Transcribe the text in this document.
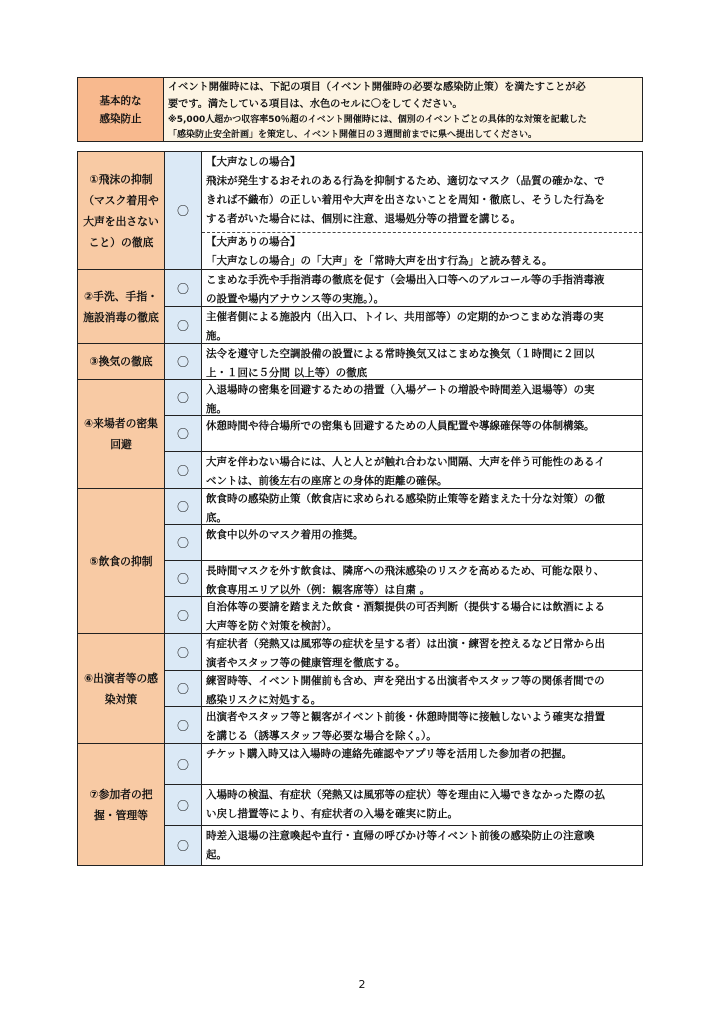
基本的な
感染防止
イベント開催時には、下記の項目（イベント開催時の必要な感染防止策）を満たすことが必
要です。満たしている項目は、水色のセルに〇をしてください。
※5,000人超かつ収容率50％超のイベント開催時には、個別のイベントごとの具体的な対策を記載した
「感染防止安全計画」を策定し、イベント開催日の３週間前までに県へ提出してください。
①飛沫の抑制
（マスク着用や
大声を出さない
こと）の徹底
〇
【大声なしの場合】
飛沫が発生するおそれのある行為を抑制するため、適切なマスク（品質の確かな、で
きれば不織布）の正しい着用や大声を出さないことを周知・徹底し、そうした行為を
する者がいた場合には、個別に注意、退場処分等の措置を講じる。
【大声ありの場合】
「大声なしの場合」の「大声」を「常時大声を出す行為」と読み替える。
②手洗、手指・
施設消毒の徹底
〇
こまめな手洗や手指消毒の徹底を促す（会場出入口等へのアルコール等の手指消毒液
の設置や場内アナウンス等の実施。）。
〇
主催者側による施設内（出入口、トイレ、共用部等）の定期的かつこまめな消毒の実
施。
③換気の徹底	〇
法令を遵守した空調設備の設置による常時換気又はこまめな換気（１時間に２回以
上・１回に５分間 以上等）の徹底
④来場者の密集
回避
〇
入退場時の密集を回避するための措置（入場ゲートの増設や時間差入退場等）の実
施。
〇
休憩時間や待合場所での密集も回避するための人員配置や導線確保等の体制構築。
〇
大声を伴わない場合には、人と人とが触れ合わない間隔、大声を伴う可能性のあるイ
ベントは、前後左右の座席との身体的距離の確保。
⑤飲食の抑制
〇
飲食時の感染防止策（飲食店に求められる感染防止策等を踏まえた十分な対策）の徹
底。
〇
飲食中以外のマスク着用の推奨。
〇
長時間マスクを外す飲食は、隣席への飛沫感染のリスクを高めるため、可能な限り、
飲食専用エリア以外（例：観客席等）は自粛 。
〇
自治体等の要請を踏まえた飲食・酒類提供の可否判断（提供する場合には飲酒による
大声等を防ぐ対策を検討）。
⑥出演者等の感
染対策
〇
有症状者（発熱又は風邪等の症状を呈する者）は出演・練習を控えるなど日常から出
演者やスタッフ等の健康管理を徹底する。
〇
練習時等、イベント開催前も含め、声を発出する出演者やスタッフ等の関係者間での
感染リスクに対処する。
〇
出演者やスタッフ等と観客がイベント前後・休憩時間等に接触しないよう確実な措置
を講じる（誘導スタッフ等必要な場合を除く。）。
⑦参加者の把
握・管理等
〇
チケット購入時又は入場時の連絡先確認やアプリ等を活用した参加者の把握。
〇
入場時の検温、有症状（発熱又は風邪等の症状）等を理由に入場できなかった際の払
い戻し措置等により、有症状者の入場を確実に防止。
〇
時差入退場の注意喚起や直行・直帰の呼びかけ等イベント前後の感染防止の注意喚
起。
2
